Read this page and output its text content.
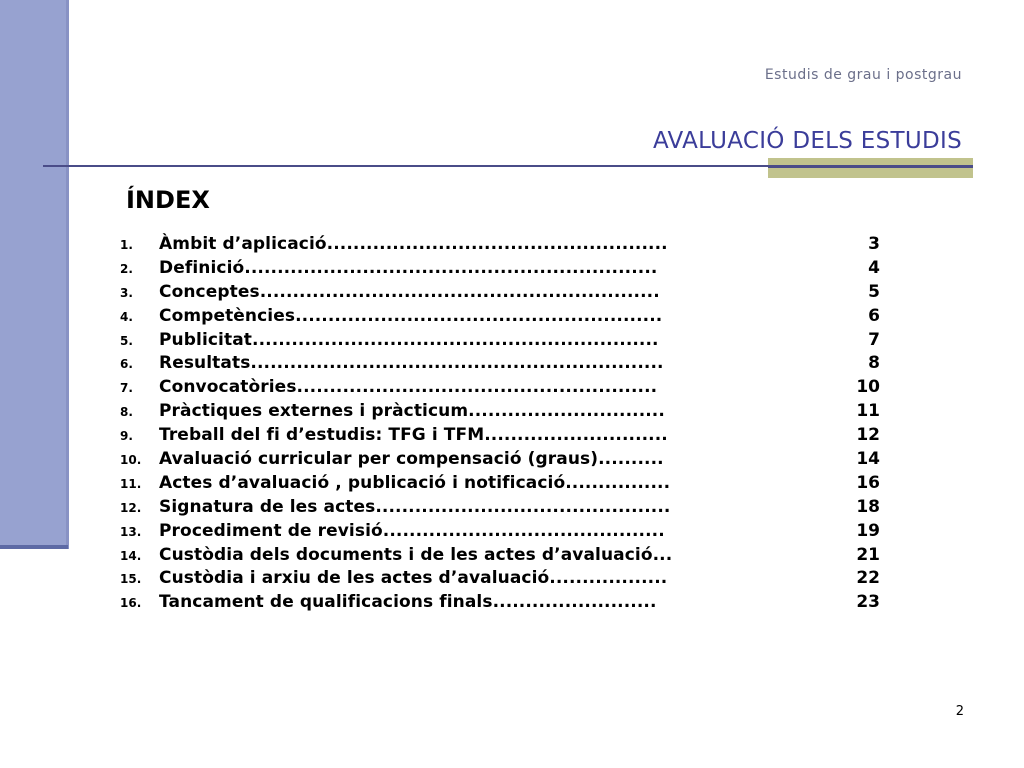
Estudis de grau i postgrau
AVALUACIÓ DELS ESTUDIS
ÍNDEX
1. Àmbit d’aplicació....................................................	3
2. Definició...............................................................	4
3. Conceptes.............................................................	5
4. Competències........................................................	6
5. Publicitat..............................................................	7
6. Resultats...............................................................	8
7. Convocatòries.......................................................	10
8. Pràctiques externes i pràcticum..............................	11
9. Treball del fi d’estudis: TFG i TFM............................	12
10. Avaluació curricular per compensació (graus)..........	14
11. Actes d’avaluació , publicació i notificació................	16
12. Signatura de les actes.............................................	18
13. Procediment de revisió...........................................	19
14. Custòdia dels documents i de les actes d’avaluació...	21
15. Custòdia i arxiu de les actes d’avaluació..................	22
16. Tancament de qualificacions finals.........................	23
2
